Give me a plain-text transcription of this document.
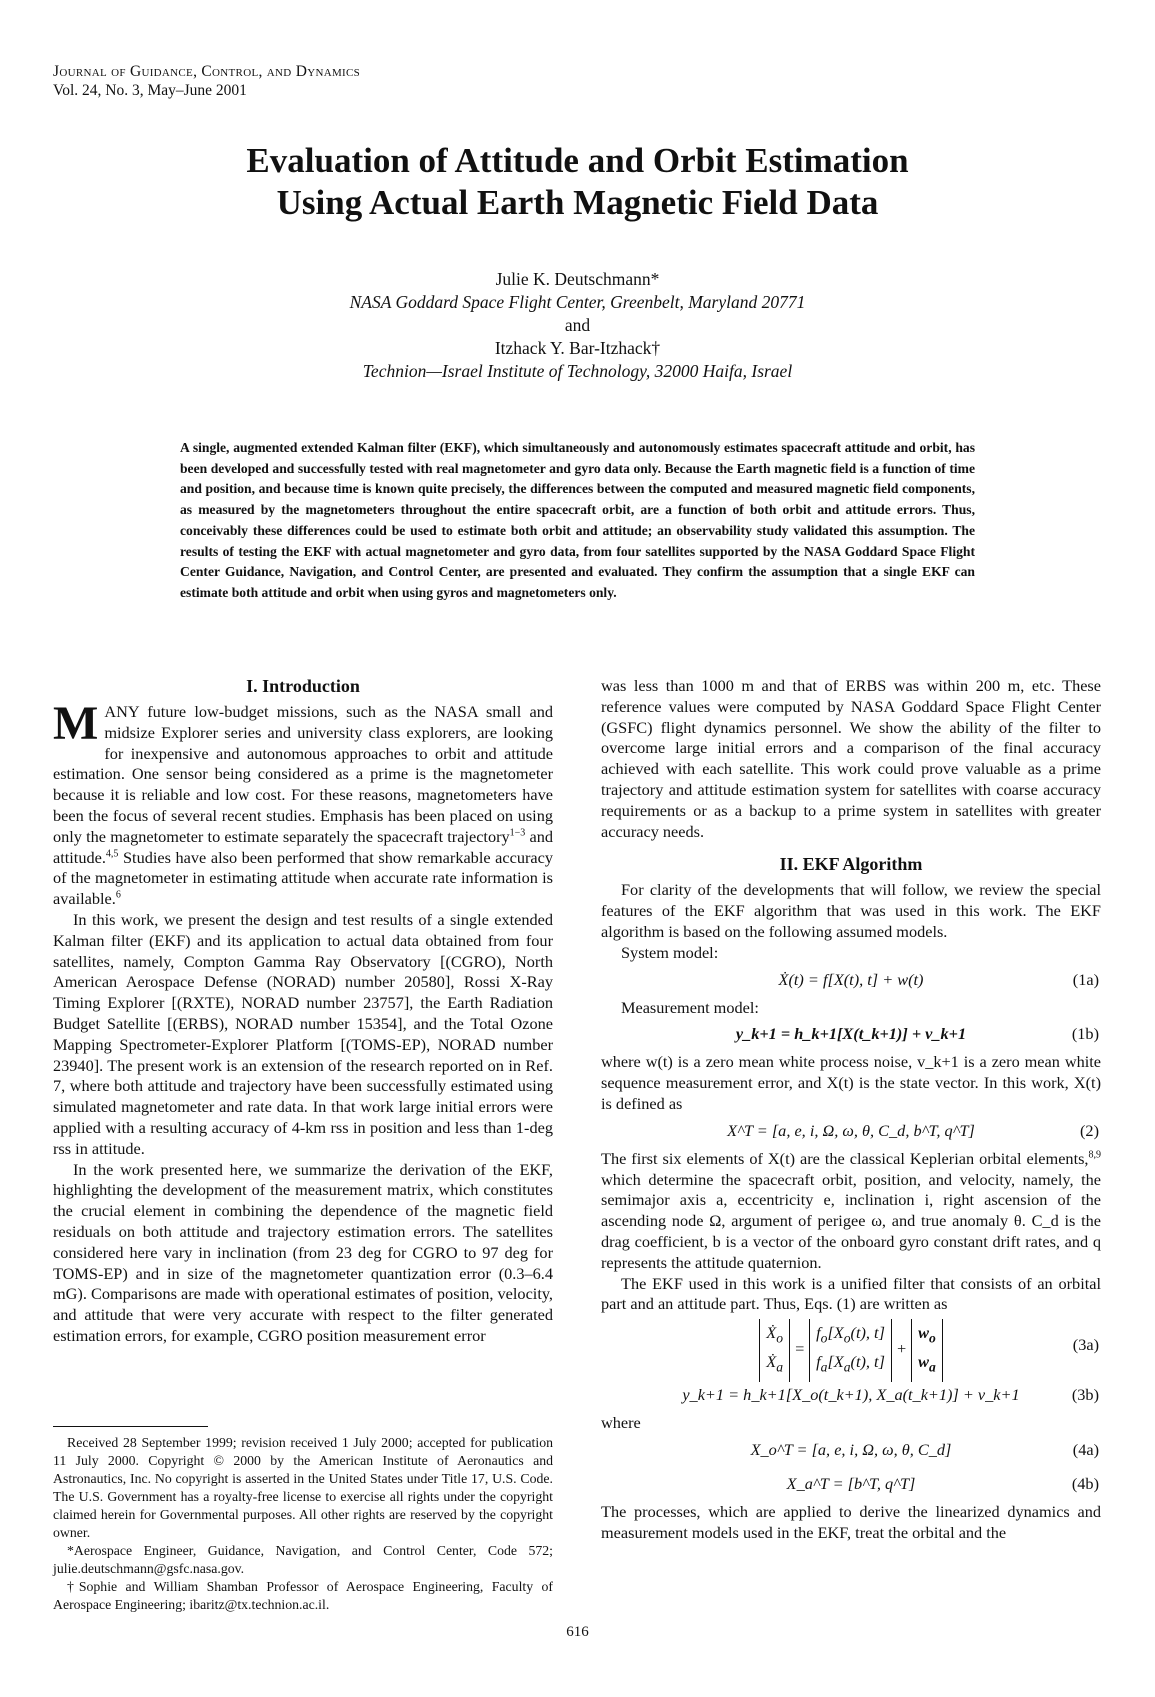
Journal of Guidance, Control, and Dynamics
Vol. 24, No. 3, May–June 2001
Evaluation of Attitude and Orbit Estimation
Using Actual Earth Magnetic Field Data
Julie K. Deutschmann*
NASA Goddard Space Flight Center, Greenbelt, Maryland 20771
and
Itzhack Y. Bar-Itzhack†
Technion—Israel Institute of Technology, 32000 Haifa, Israel
A single, augmented extended Kalman filter (EKF), which simultaneously and autonomously estimates spacecraft attitude and orbit, has been developed and successfully tested with real magnetometer and gyro data only. Because the Earth magnetic field is a function of time and position, and because time is known quite precisely, the differences between the computed and measured magnetic field components, as measured by the magnetometers throughout the entire spacecraft orbit, are a function of both orbit and attitude errors. Thus, conceivably these differences could be used to estimate both orbit and attitude; an observability study validated this assumption. The results of testing the EKF with actual magnetometer and gyro data, from four satellites supported by the NASA Goddard Space Flight Center Guidance, Navigation, and Control Center, are presented and evaluated. They confirm the assumption that a single EKF can estimate both attitude and orbit when using gyros and magnetometers only.
I. Introduction

MANY future low-budget missions, such as the NASA small and midsize Explorer series and university class explorers, are looking for inexpensive and autonomous approaches to orbit and attitude estimation. One sensor being considered as a prime is the magnetometer because it is reliable and low cost. For these reasons, magnetometers have been the focus of several recent studies. Emphasis has been placed on using only the magnetometer to estimate separately the spacecraft trajectory$^{1-3}$ and attitude.$^{4,5}$ Studies have also been performed that show remarkable accuracy of the magnetometer in estimating attitude when accurate rate information is available.$^6$

In this work, we present the design and test results of a single extended Kalman filter (EKF) and its application to actual data obtained from four satellites, namely, Compton Gamma Ray Observatory [(CGRO), North American Aerospace Defense (NORAD) number 20580], Rossi X-Ray Timing Explorer [(RXTE), NORAD number 23757], the Earth Radiation Budget Satellite [(ERBS), NORAD number 15354], and the Total Ozone Mapping Spectrometer-Explorer Platform [(TOMS-EP), NORAD number 23940]. The present work is an extension of the research reported on in Ref. 7, where both attitude and trajectory have been successfully estimated using simulated magnetometer and rate data. In that work large initial errors were applied with a resulting accuracy of 4-km rss in position and less than 1-deg rss in attitude.

In the work presented here, we summarize the derivation of the EKF, highlighting the development of the measurement matrix, which constitutes the crucial element in combining the dependence of the magnetic field residuals on both attitude and trajectory estimation errors. The satellites considered here vary in inclination (from 23 deg for CGRO to 97 deg for TOMS-EP) and in size of the magnetometer quantization error (0.3–6.4 mG). Comparisons are made with operational estimates of position, velocity, and attitude that were very accurate with respect to the filter generated estimation errors, for example, CGRO position measurement error

was less than 1000 m and that of ERBS was within 200 m, etc. These reference values were computed by NASA Goddard Space Flight Center (GSFC) flight dynamics personnel. We show the ability of the filter to overcome large initial errors and a comparison of the final accuracy achieved with each satellite. This work could prove valuable as a prime trajectory and attitude estimation system for satellites with coarse accuracy requirements or as a backup to a prime system in satellites with greater accuracy needs.

II. EKF Algorithm

For clarity of the developments that will follow, we review the special features of the EKF algorithm that was used in this work. The EKF algorithm is based on the following assumed models.

System model:

Ẋ(t) = f[X(t), t] + w(t)	(1a)

Measurement model:

y_k+1 = h_k+1[X(t_k+1)] + v_k+1	(1b)

where w(t) is a zero mean white process noise, v_k+1 is a zero mean white sequence measurement error, and X(t) is the state vector. In this work, X(t) is defined as

X^T = [a, e, i, Ω, ω, θ, C_d, b^T, q^T]	(2)

The first six elements of X(t) are the classical Keplerian orbital elements,$^{8,9}$ which determine the spacecraft orbit, position, and velocity, namely, the semimajor axis a, eccentricity e, inclination i, right ascension of the ascending node Ω, argument of perigee ω, and true anomaly θ. C_d is the drag coefficient, b is a vector of the onboard gyro constant drift rates, and q represents the attitude quaternion.

The EKF used in this work is a unified filter that consists of an orbital part and an attitude part. Thus, Eqs. (1) are written as

Ẋ$_o$
Ẋ$_a$ = $f_o[X_o(t)$, t]
$f_a[X_a(t)$, $t] + w_o$
$w_a$
(3a)
y_k+1 = h_k+1[X_o(t_k+1), X_a(t_k+1)] + v_k+1	(3b)

where

X_o^T = [a, e, i, Ω, ω, θ, C_d]	(4a)
X_a^T = [b^T, q^T]	(4b)

The processes, which are applied to derive the linearized dynamics and measurement models used in the EKF, treat the orbital and the

Received 28 September 1999; revision received 1 July 2000; accepted for publication 11 July 2000. Copyright © 2000 by the American Institute of Aeronautics and Astronautics, Inc. No copyright is asserted in the United States under Title 17, U.S. Code. The U.S. Government has a royalty-free license to exercise all rights under the copyright claimed herein for Governmental purposes. All other rights are reserved by the copyright owner.

*Aerospace Engineer, Guidance, Navigation, and Control Center, Code 572; julie.deutschmann@gsfc.nasa.gov.

†Sophie and William Shamban Professor of Aerospace Engineering, Faculty of Aerospace Engineering; ibaritz@tx.technion.ac.il.

616
